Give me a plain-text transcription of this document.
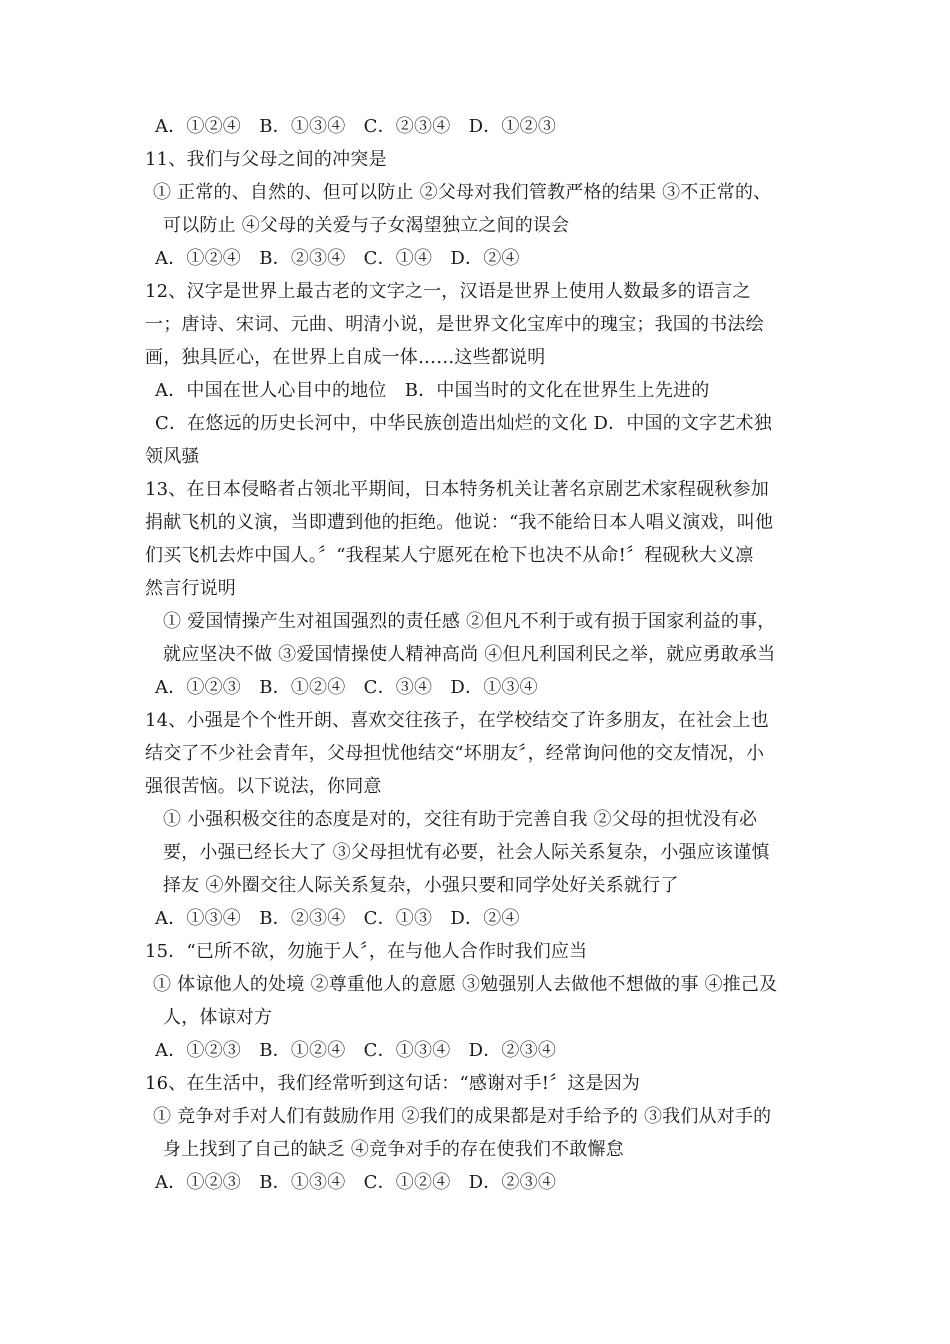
A．①②④　B．①③④　C．②③④　D．①②③
11、我们与父母之间的冲突是
① 正常的、自然的、但可以防止 ②父母对我们管教严格的结果 ③不正常的、
可以防止 ④父母的关爱与子女渴望独立之间的误会
A．①②④　B．②③④　C．①④　D．②④
12、汉字是世界上最古老的文字之一，汉语是世界上使用人数最多的语言之
一；唐诗、宋词、元曲、明清小说，是世界文化宝库中的瑰宝；我国的书法绘
画，独具匠心，在世界上自成一体……这些都说明
A．中国在世人心目中的地位　B．中国当时的文化在世界生上先进的
C．在悠远的历史长河中，中华民族创造出灿烂的文化 D．中国的文字艺术独
领风骚
13、在日本侵略者占领北平期间，日本特务机关让著名京剧艺术家程砚秋参加
捐献飞机的义演，当即遭到他的拒绝。他说：“我不能给日本人唱义演戏，叫他
们买飞机去炸中国人。〞“我程某人宁愿死在枪下也决不从命!〞程砚秋大义凛
然言行说明
① 爱国情操产生对祖国强烈的责任感 ②但凡不利于或有损于国家利益的事，
就应坚决不做 ③爱国情操使人精神高尚 ④但凡利国利民之举，就应勇敢承当
A．①②③　B．①②④　C．③④　D．①③④
14、小强是个个性开朗、喜欢交往孩子，在学校结交了许多朋友，在社会上也
结交了不少社会青年，父母担忧他结交“坏朋友〞，经常询问他的交友情况，小
强很苦恼。以下说法，你同意
① 小强积极交往的态度是对的，交往有助于完善自我 ②父母的担忧没有必
要，小强已经长大了 ③父母担忧有必要，社会人际关系复杂，小强应该谨慎
择友 ④外圈交往人际关系复杂，小强只要和同学处好关系就行了
A．①③④　B．②③④　C．①③　D．②④
15．“已所不欲，勿施于人〞，在与他人合作时我们应当
① 体谅他人的处境 ②尊重他人的意愿 ③勉强别人去做他不想做的事 ④推己及
人，体谅对方
A．①②③　B．①②④　C．①③④　D．②③④
16、在生活中，我们经常听到这句话：“感谢对手!〞这是因为
① 竞争对手对人们有鼓励作用 ②我们的成果都是对手给予的 ③我们从对手的
身上找到了自己的缺乏 ④竞争对手的存在使我们不敢懈怠
A．①②③　B．①③④　C．①②④　D．②③④
